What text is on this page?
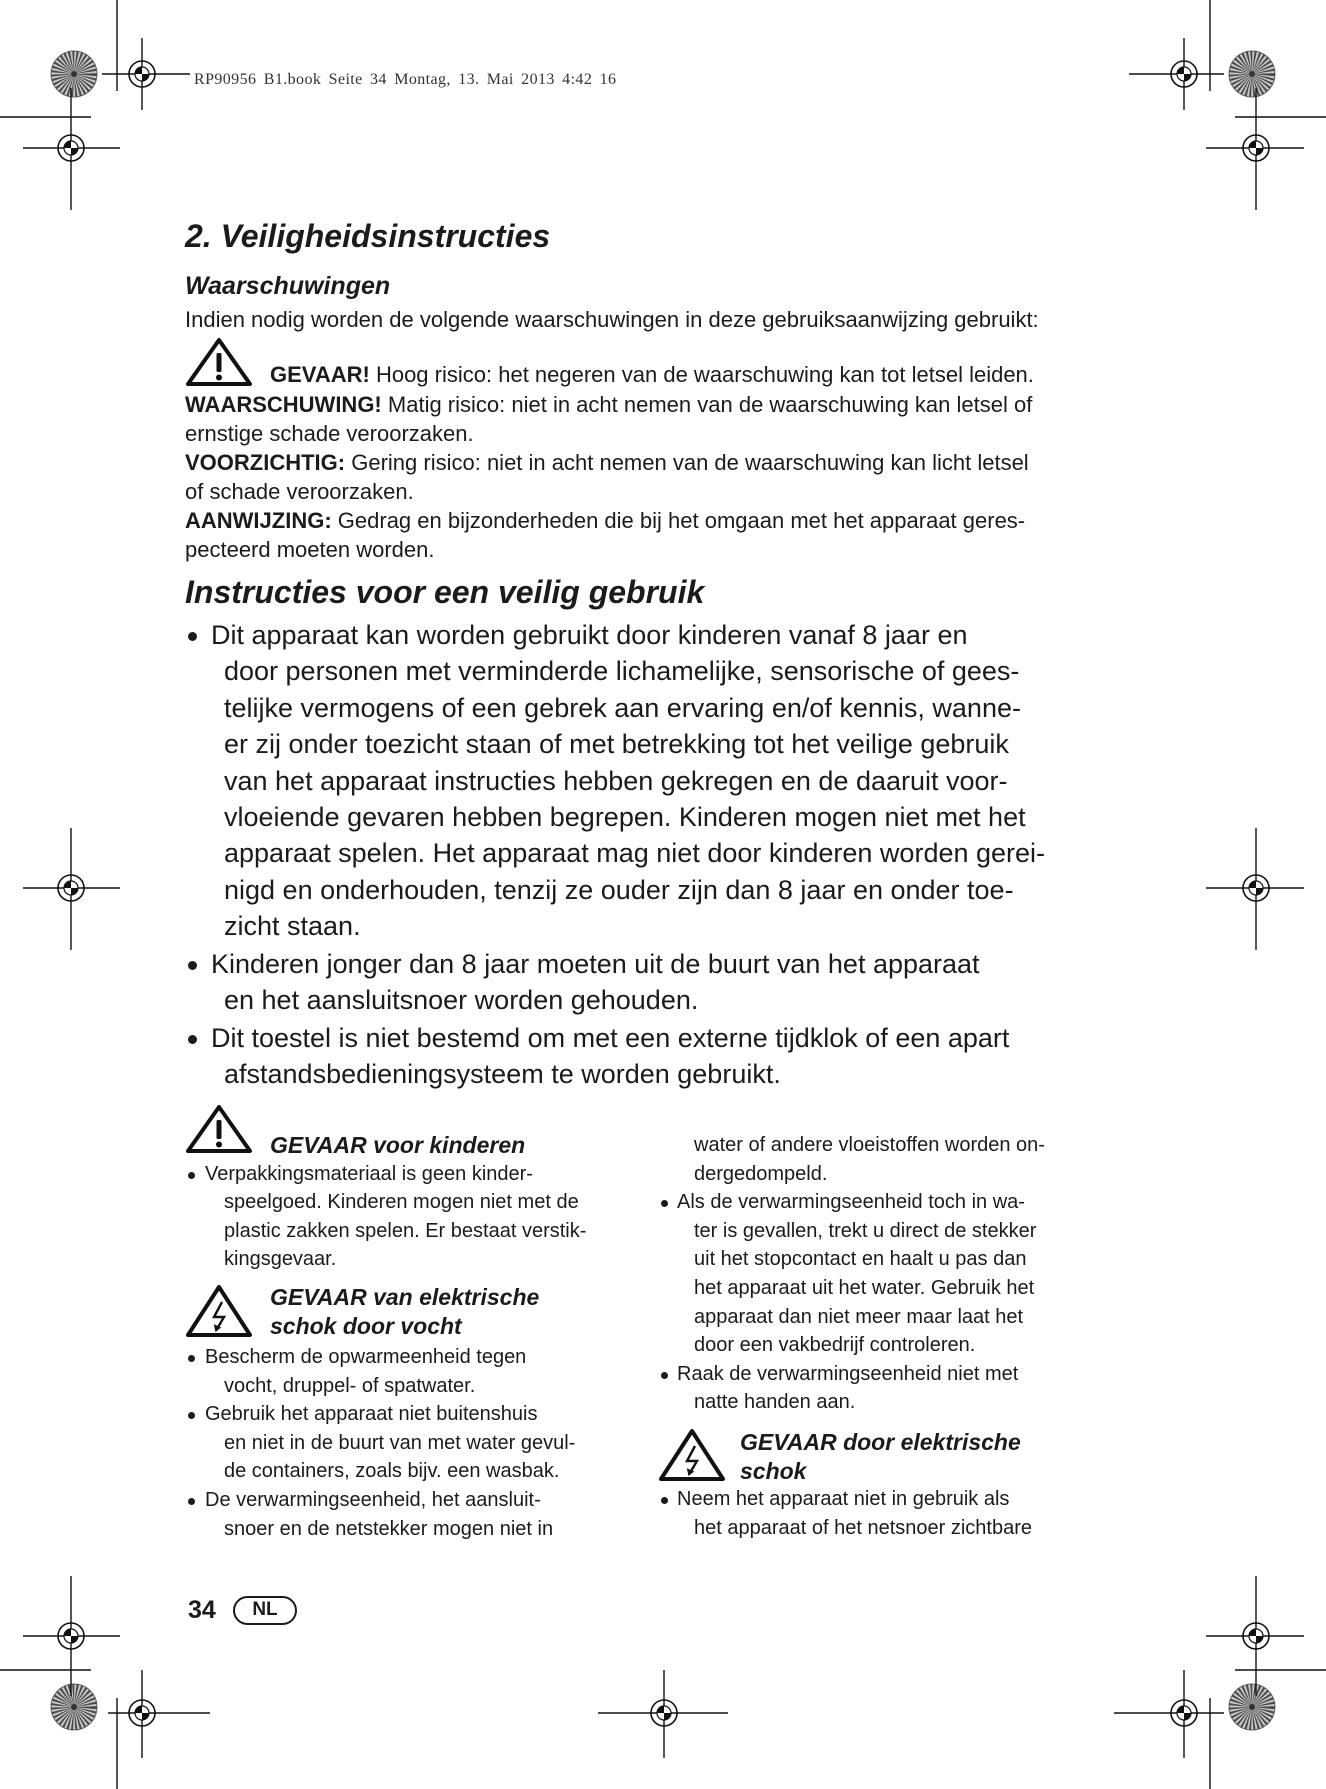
RP90956 B1.book Seite 34 Montag, 13. Mai 2013 4:42 16
2. Veiligheidsinstructies
Waarschuwingen
Indien nodig worden de volgende waarschuwingen in deze gebruiksaanwijzing gebruikt:
GEVAAR! Hoog risico: het negeren van de waarschuwing kan tot letsel leiden.
WAARSCHUWING! Matig risico: niet in acht nemen van de waarschuwing kan letsel of
ernstige schade veroorzaken.
VOORZICHTIG: Gering risico: niet in acht nemen van de waarschuwing kan licht letsel
of schade veroorzaken.
AANWIJZING: Gedrag en bijzonderheden die bij het omgaan met het apparaat geres-
pecteerd moeten worden.
Instructies voor een veilig gebruik
Dit apparaat kan worden gebruikt door kinderen vanaf 8 jaar en
door personen met verminderde lichamelijke, sensorische of gees-
telijke vermogens of een gebrek aan ervaring en/of kennis, wanne-
er zij onder toezicht staan of met betrekking tot het veilige gebruik
van het apparaat instructies hebben gekregen en de daaruit voor-
vloeiende gevaren hebben begrepen. Kinderen mogen niet met het
apparaat spelen. Het apparaat mag niet door kinderen worden gerei-
nigd en onderhouden, tenzij ze ouder zijn dan 8 jaar en onder toe-
zicht staan.
Kinderen jonger dan 8 jaar moeten uit de buurt van het apparaat
en het aansluitsnoer worden gehouden.
Dit toestel is niet bestemd om met een externe tijdklok of een apart
afstandsbedieningsysteem te worden gebruikt.
GEVAAR voor kinderen
Verpakkingsmateriaal is geen kinder-
speelgoed. Kinderen mogen niet met de
plastic zakken spelen. Er bestaat verstik-
kingsgevaar.
GEVAAR van elektrische
schok door vocht
Bescherm de opwarmeenheid tegen
vocht, druppel- of spatwater.
Gebruik het apparaat niet buitenshuis
en niet in de buurt van met water gevul-
de containers, zoals bijv. een wasbak.
De verwarmingseenheid, het aansluit-
snoer en de netstekker mogen niet in
water of andere vloeistoffen worden on-
dergedompeld.
Als de verwarmingseenheid toch in wa-
ter is gevallen, trekt u direct de stekker
uit het stopcontact en haalt u pas dan
het apparaat uit het water. Gebruik het
apparaat dan niet meer maar laat het
door een vakbedrijf controleren.
Raak de verwarmingseenheid niet met
natte handen aan.
GEVAAR door elektrische
schok
Neem het apparaat niet in gebruik als
het apparaat of het netsnoer zichtbare
34	NL
